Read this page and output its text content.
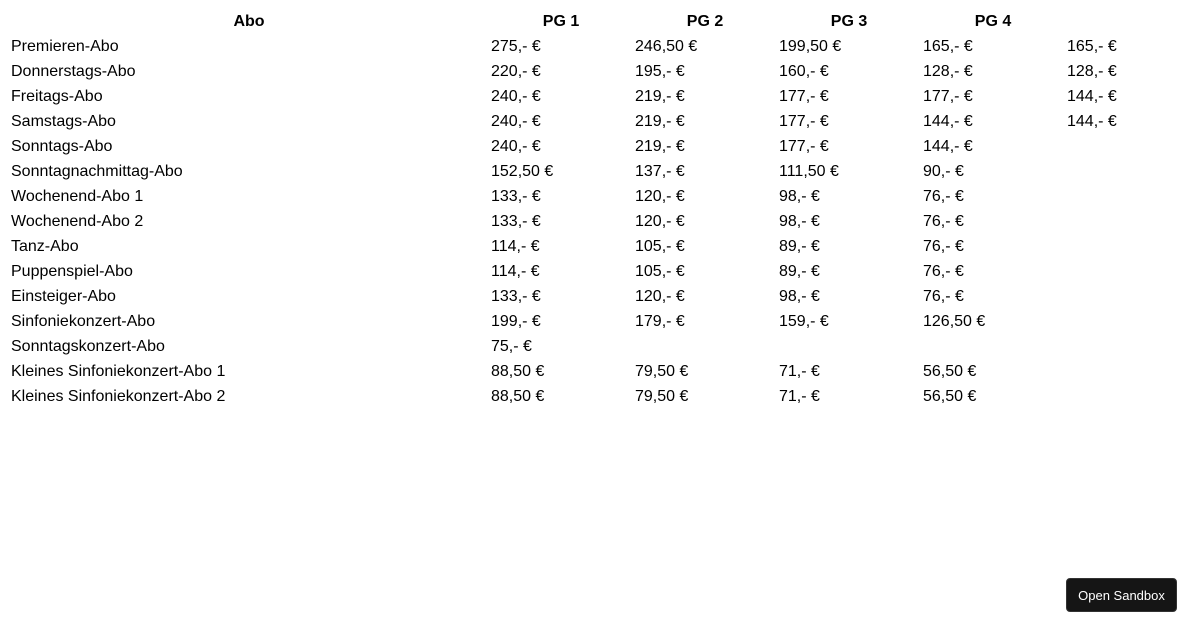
Abo	PG 1	PG 2	PG 3	PG 4	
Premieren-Abo	275,- €	246,50 €	199,50 €	165,- €	165,- €
Donnerstags-Abo	220,- €	195,- €	160,- €	128,- €	128,- €
Freitags-Abo	240,- €	219,- €	177,- €	177,- €	144,- €
Samstags-Abo	240,- €	219,- €	177,- €	144,- €	144,- €
Sonntags-Abo	240,- €	219,- €	177,- €	144,- €	
Sonntagnachmittag-Abo	152,50 €	137,- €	111,50 €	90,- €	
Wochenend-Abo 1	133,- €	120,- €	98,- €	76,- €	
Wochenend-Abo 2	133,- €	120,- €	98,- €	76,- €	
Tanz-Abo	114,- €	105,- €	89,- €	76,- €	
Puppenspiel-Abo	114,- €	105,- €	89,- €	76,- €	
Einsteiger-Abo	133,- €	120,- €	98,- €	76,- €	
Sinfoniekonzert-Abo	199,- €	179,- €	159,- €	126,50 €	
Sonntagskonzert-Abo	75,- €				
Kleines Sinfoniekonzert-Abo 1	88,50 €	79,50 €	71,- €	56,50 €	
Kleines Sinfoniekonzert-Abo 2	88,50 €	79,50 €	71,- €	56,50 €	
Open Sandbox
